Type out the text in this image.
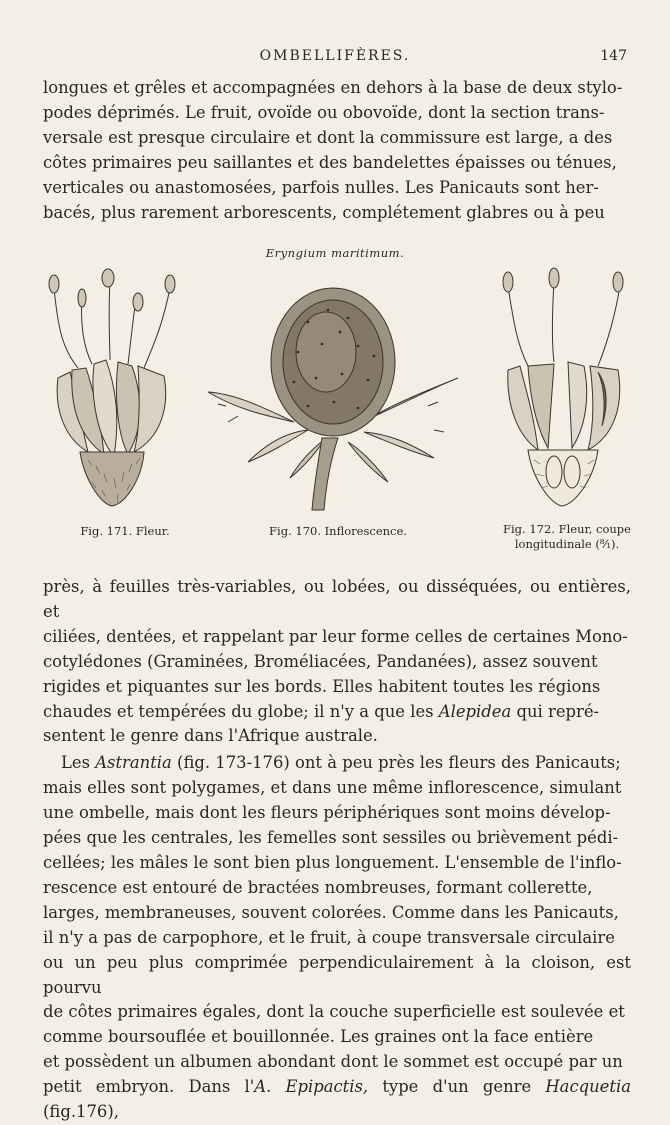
OMBELLIFÈRES.	147

longues et grêles et accompagnées en dehors à la base de deux stylo-

podes déprimés. Le fruit, ovoïde ou obovoïde, dont la section trans-

versale est presque circulaire et dont la commissure est large, a des

côtes primaires peu saillantes et des bandelettes épaisses ou ténues,

verticales ou anastomosées, parfois nulles. Les Panicauts sont her-

bacés, plus rarement arborescents, complétement glabres ou à peu

Eryngium maritimum.
Fig. 171. Fleur.	Fig. 170. Inflorescence.	Fig. 172. Fleur, coupe
longitudinale (⁸⁄₁).

près, à feuilles très-variables, ou lobées, ou disséquées, ou entières, et

ciliées, dentées, et rappelant par leur forme celles de certaines Mono-

cotylédones (Graminées, Broméliacées, Pandanées), assez souvent

rigides et piquantes sur les bords. Elles habitent toutes les régions

chaudes et tempérées du globe; il n'y a que les Alepidea qui repré-

sentent le genre dans l'Afrique australe.

Les Astrantia (fig. 173-176) ont à peu près les fleurs des Panicauts;

mais elles sont polygames, et dans une même inflorescence, simulant

une ombelle, mais dont les fleurs périphériques sont moins dévelop-

pées que les centrales, les femelles sont sessiles ou brièvement pédi-

cellées; les mâles le sont bien plus longuement. L'ensemble de l'inflo-

rescence est entouré de bractées nombreuses, formant collerette,

larges, membraneuses, souvent colorées. Comme dans les Panicauts,

il n'y a pas de carpophore, et le fruit, à coupe transversale circulaire

ou un peu plus comprimée perpendiculairement à la cloison, est pourvu

de côtes primaires égales, dont la couche superficielle est soulevée et

comme boursouflée et bouillonnée. Les graines ont la face entière

et possèdent un albumen abondant dont le sommet est occupé par un

petit embryon. Dans l'A. Epipactis, type d'un genre Hacquetia (fig.176),
